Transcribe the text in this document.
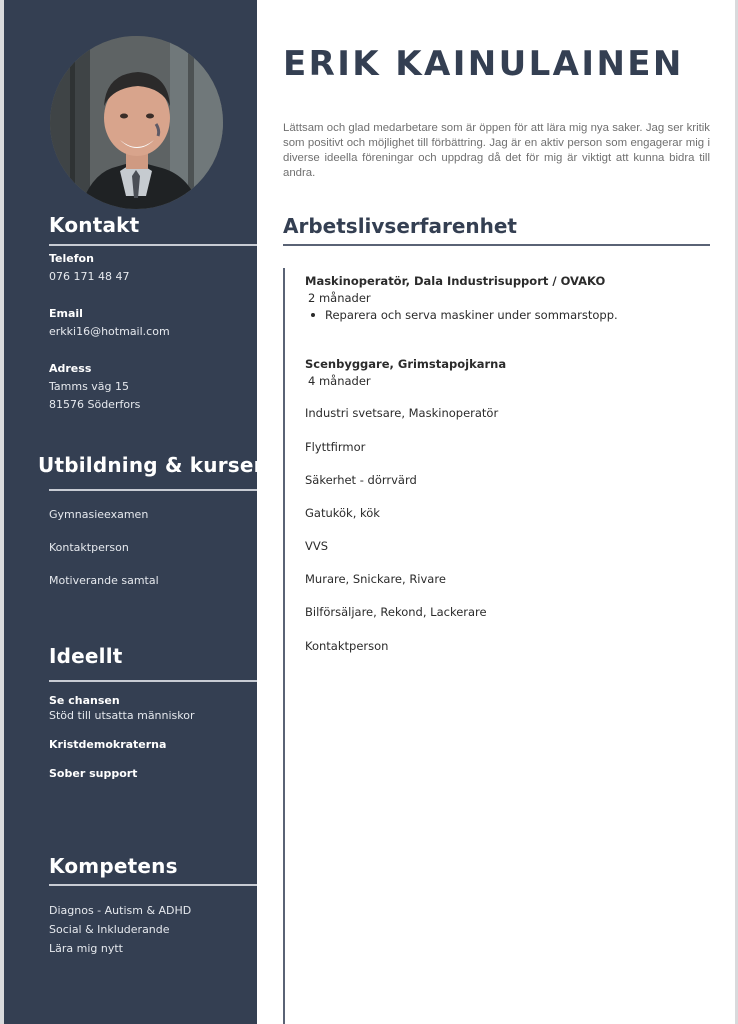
Kontakt
Telefon
076 171 48 47
Email
erkki16@hotmail.com
Adress
Tamms väg 15
81576 Söderfors
Utbildning & kurser
Gymnasieexamen
Kontaktperson
Motiverande samtal
Ideellt
Se chansen
Stöd till utsatta människor
Kristdemokraterna
Sober support
Kompetens
Diagnos - Autism & ADHD
Social & Inkluderande
Lära mig nytt
ERIK KAINULAINEN
Lättsam och glad medarbetare som är öppen för att lära mig nya saker. Jag ser kritik som positivt och möjlighet till förbättring. Jag är en aktiv person som engagerar mig i diverse ideella föreningar och uppdrag då det för mig är viktigt att kunna bidra till andra.
Arbetslivserfarenhet
Maskinoperatör, Dala Industrisupport / OVAKO
2 månader
Reparera och serva maskiner under sommarstopp.
Scenbyggare, Grimstapojkarna
4 månader
Industri svetsare, Maskinoperatör
Flyttfirmor
Säkerhet - dörrvärd
Gatukök, kök
VVS
Murare, Snickare, Rivare
Bilförsäljare, Rekond, Lackerare
Kontaktperson
